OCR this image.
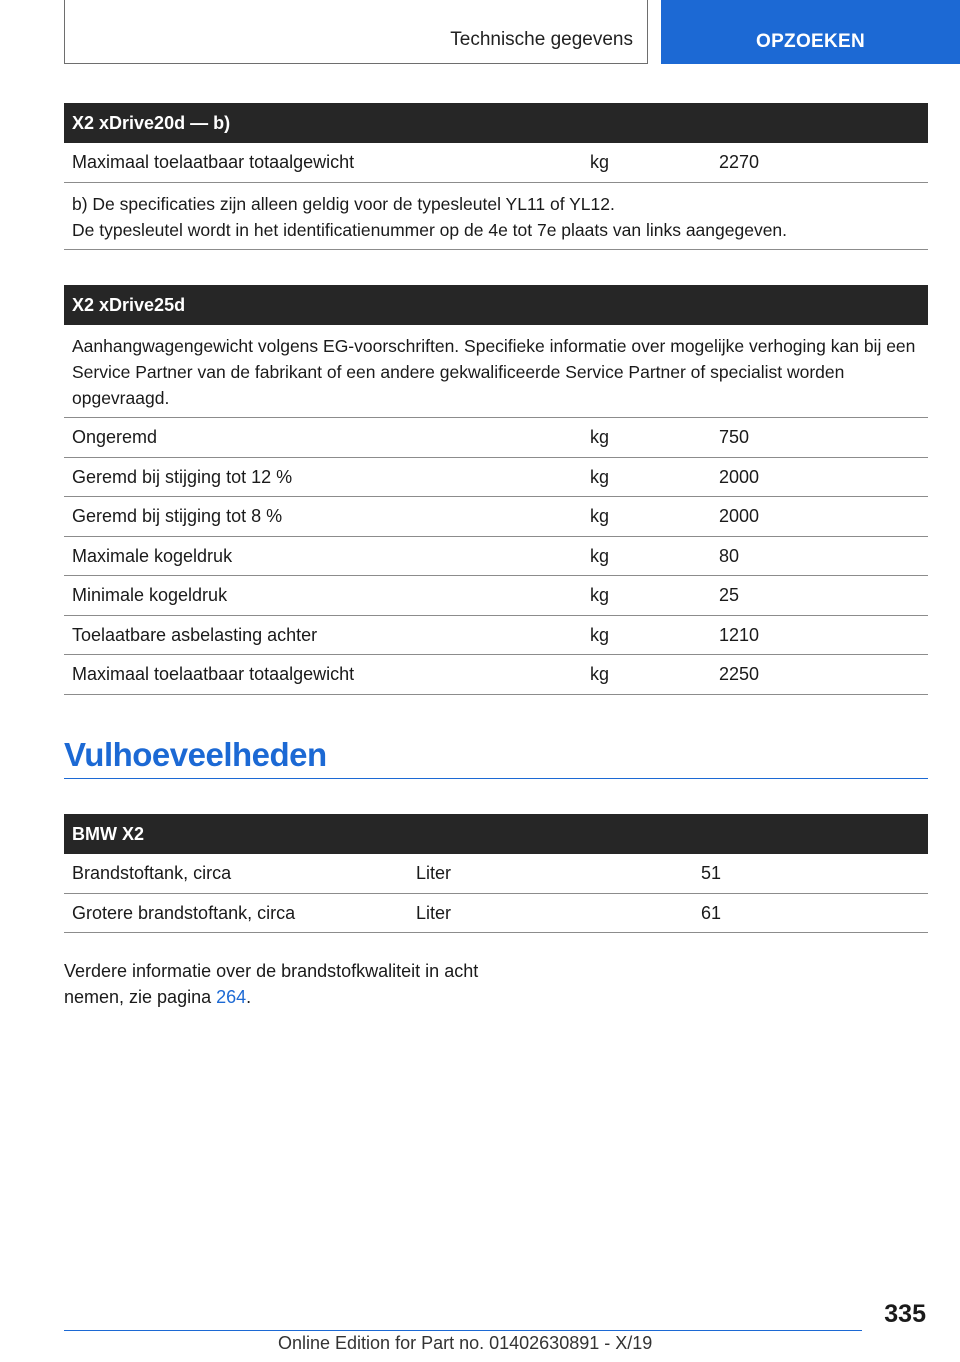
Technische gegevens	OPZOEKEN
X2 xDrive20d — b)
Maximaal toelaatbaar totaalgewicht	kg	2270

b) De specificaties zijn alleen geldig voor de typesleutel YL11 of YL12.

De typesleutel wordt in het identificatienummer op de 4e tot 7e plaats van links aangegeven.

X2 xDrive25d

Aanhangwagengewicht volgens EG-voorschriften. Specifieke informatie over mogelijke verhoging kan bij een Service Partner van de fabrikant of een andere gekwalificeerde Service Partner of specialist worden opgevraagd.

Ongeremd	kg	750
Geremd bij stijging tot 12 %	kg	2000
Geremd bij stijging tot 8 %	kg	2000
Maximale kogeldruk	kg	80
Minimale kogeldruk	kg	25
Toelaatbare asbelasting achter	kg	1210
Maximaal toelaatbaar totaalgewicht	kg	2250
Vulhoeveelheden
BMW X2
Brandstoftank, circa	Liter	51
Grotere brandstoftank, circa	Liter	61
Verdere informatie over de brandstofkwaliteit in acht nemen, zie pagina 264.
335
Online Edition for Part no. 01402630891 - X/19
